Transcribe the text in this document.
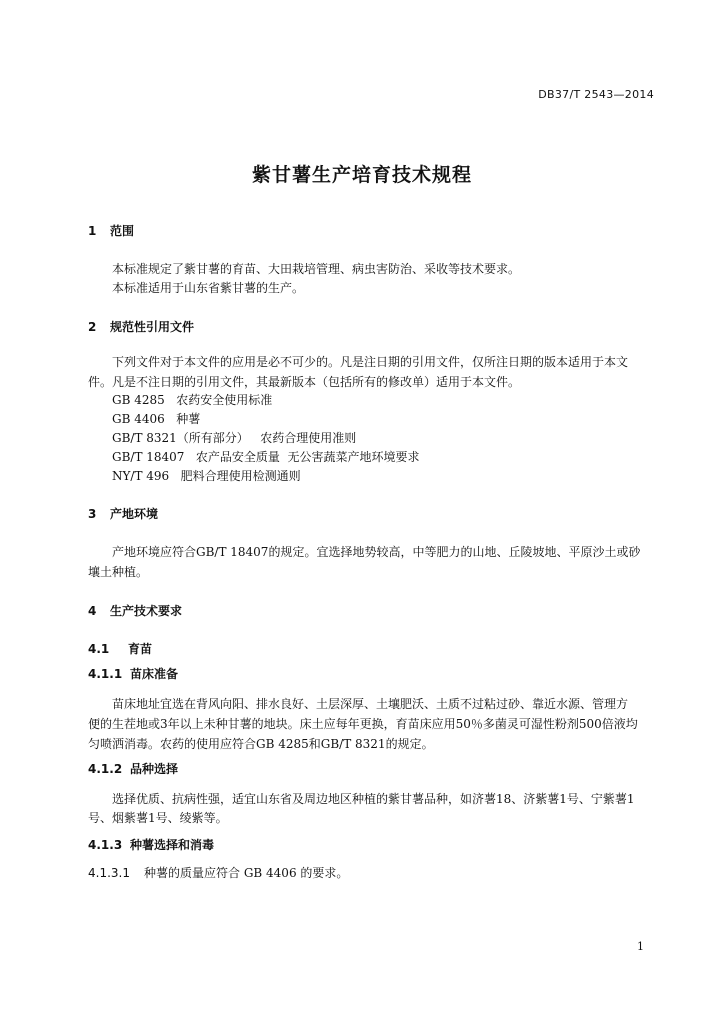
DB37/T 2543—2014
紫甘薯生产培育技术规程
1 范围
本标准规定了紫甘薯的育苗、大田栽培管理、病虫害防治、采收等技术要求。
本标准适用于山东省紫甘薯的生产。
2 规范性引用文件
下列文件对于本文件的应用是必不可少的。凡是注日期的引用文件，仅所注日期的版本适用于本文
件。凡是不注日期的引用文件，其最新版本（包括所有的修改单）适用于本文件。
GB 4285   农药安全使用标准
GB 4406   种薯
GB/T 8321（所有部分）   农药合理使用准则
GB/T 18407   农产品安全质量  无公害蔬菜产地环境要求
NY/T 496   肥料合理使用检测通则
3 产地环境
产地环境应符合GB/T 18407的规定。宜选择地势较高，中等肥力的山地、丘陵坡地、平原沙土或砂
壤土种植。
4 生产技术要求
4.1 育苗
4.1.1 苗床准备
苗床地址宜选在背风向阳、排水良好、土层深厚、土壤肥沃、土质不过粘过砂、靠近水源、管理方
便的生茬地或3年以上未种甘薯的地块。床土应每年更换，育苗床应用50％多菌灵可湿性粉剂500倍液均
匀喷洒消毒。农药的使用应符合GB 4285和GB/T 8321的规定。
4.1.2 品种选择
选择优质、抗病性强，适宜山东省及周边地区种植的紫甘薯品种，如济薯18、济紫薯1号、宁紫薯1
号、烟紫薯1号、绫紫等。
4.1.3 种薯选择和消毒
4.1.3.1 种薯的质量应符合 GB 4406 的要求。
1
